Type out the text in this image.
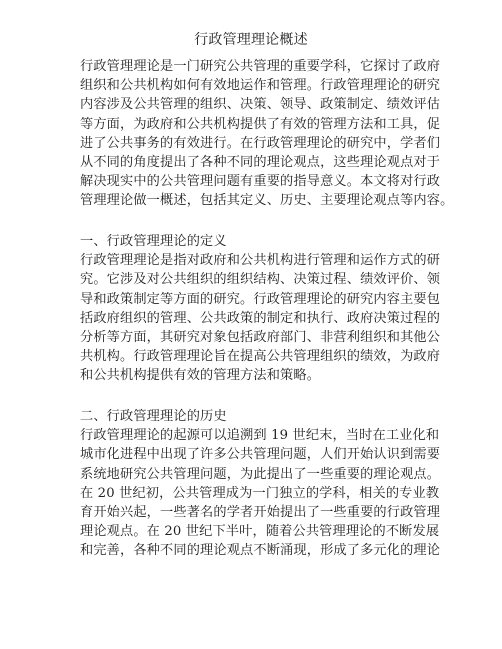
行政管理理论概述
行政管理理论是一门研究公共管理的重要学科，它探讨了政府
组织和公共机构如何有效地运作和管理。行政管理理论的研究
内容涉及公共管理的组织、决策、领导、政策制定、绩效评估
等方面，为政府和公共机构提供了有效的管理方法和工具，促
进了公共事务的有效进行。在行政管理理论的研究中，学者们
从不同的角度提出了各种不同的理论观点，这些理论观点对于
解决现实中的公共管理问题有重要的指导意义。本文将对行政
管理理论做一概述，包括其定义、历史、主要理论观点等内容。
一、行政管理理论的定义
行政管理理论是指对政府和公共机构进行管理和运作方式的研
究。它涉及对公共组织的组织结构、决策过程、绩效评价、领
导和政策制定等方面的研究。行政管理理论的研究内容主要包
括政府组织的管理、公共政策的制定和执行、政府决策过程的
分析等方面，其研究对象包括政府部门、非营利组织和其他公
共机构。行政管理理论旨在提高公共管理组织的绩效，为政府
和公共机构提供有效的管理方法和策略。
二、行政管理理论的历史
行政管理理论的起源可以追溯到 19 世纪末，当时在工业化和
城市化进程中出现了许多公共管理问题，人们开始认识到需要
系统地研究公共管理问题，为此提出了一些重要的理论观点。
在 20 世纪初，公共管理成为一门独立的学科，相关的专业教
育开始兴起，一些著名的学者开始提出了一些重要的行政管理
理论观点。在 20 世纪下半叶，随着公共管理理论的不断发展
和完善，各种不同的理论观点不断涌现，形成了多元化的理论
